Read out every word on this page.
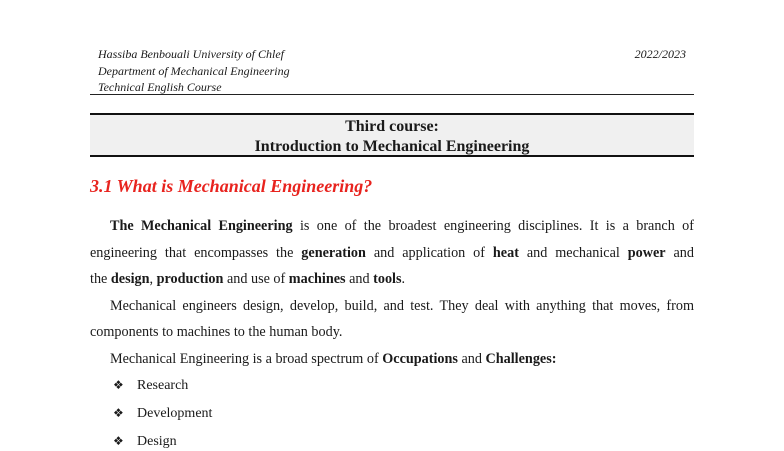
Hassiba Benbouali University of Chlef
Department of Mechanical Engineering
Technical English Course
2022/2023
Third course:
Introduction to Mechanical Engineering
3.1 What is Mechanical Engineering?
The Mechanical Engineering is one of the broadest engineering disciplines. It is a branch of
engineering that encompasses the generation and application of heat and mechanical power and
the design, production and use of machines and tools.
Mechanical engineers design, develop, build, and test. They deal with anything that moves, from
components to machines to the human body.
Mechanical Engineering is a broad spectrum of Occupations and Challenges:
❖ Research
❖ Development
❖ Design
